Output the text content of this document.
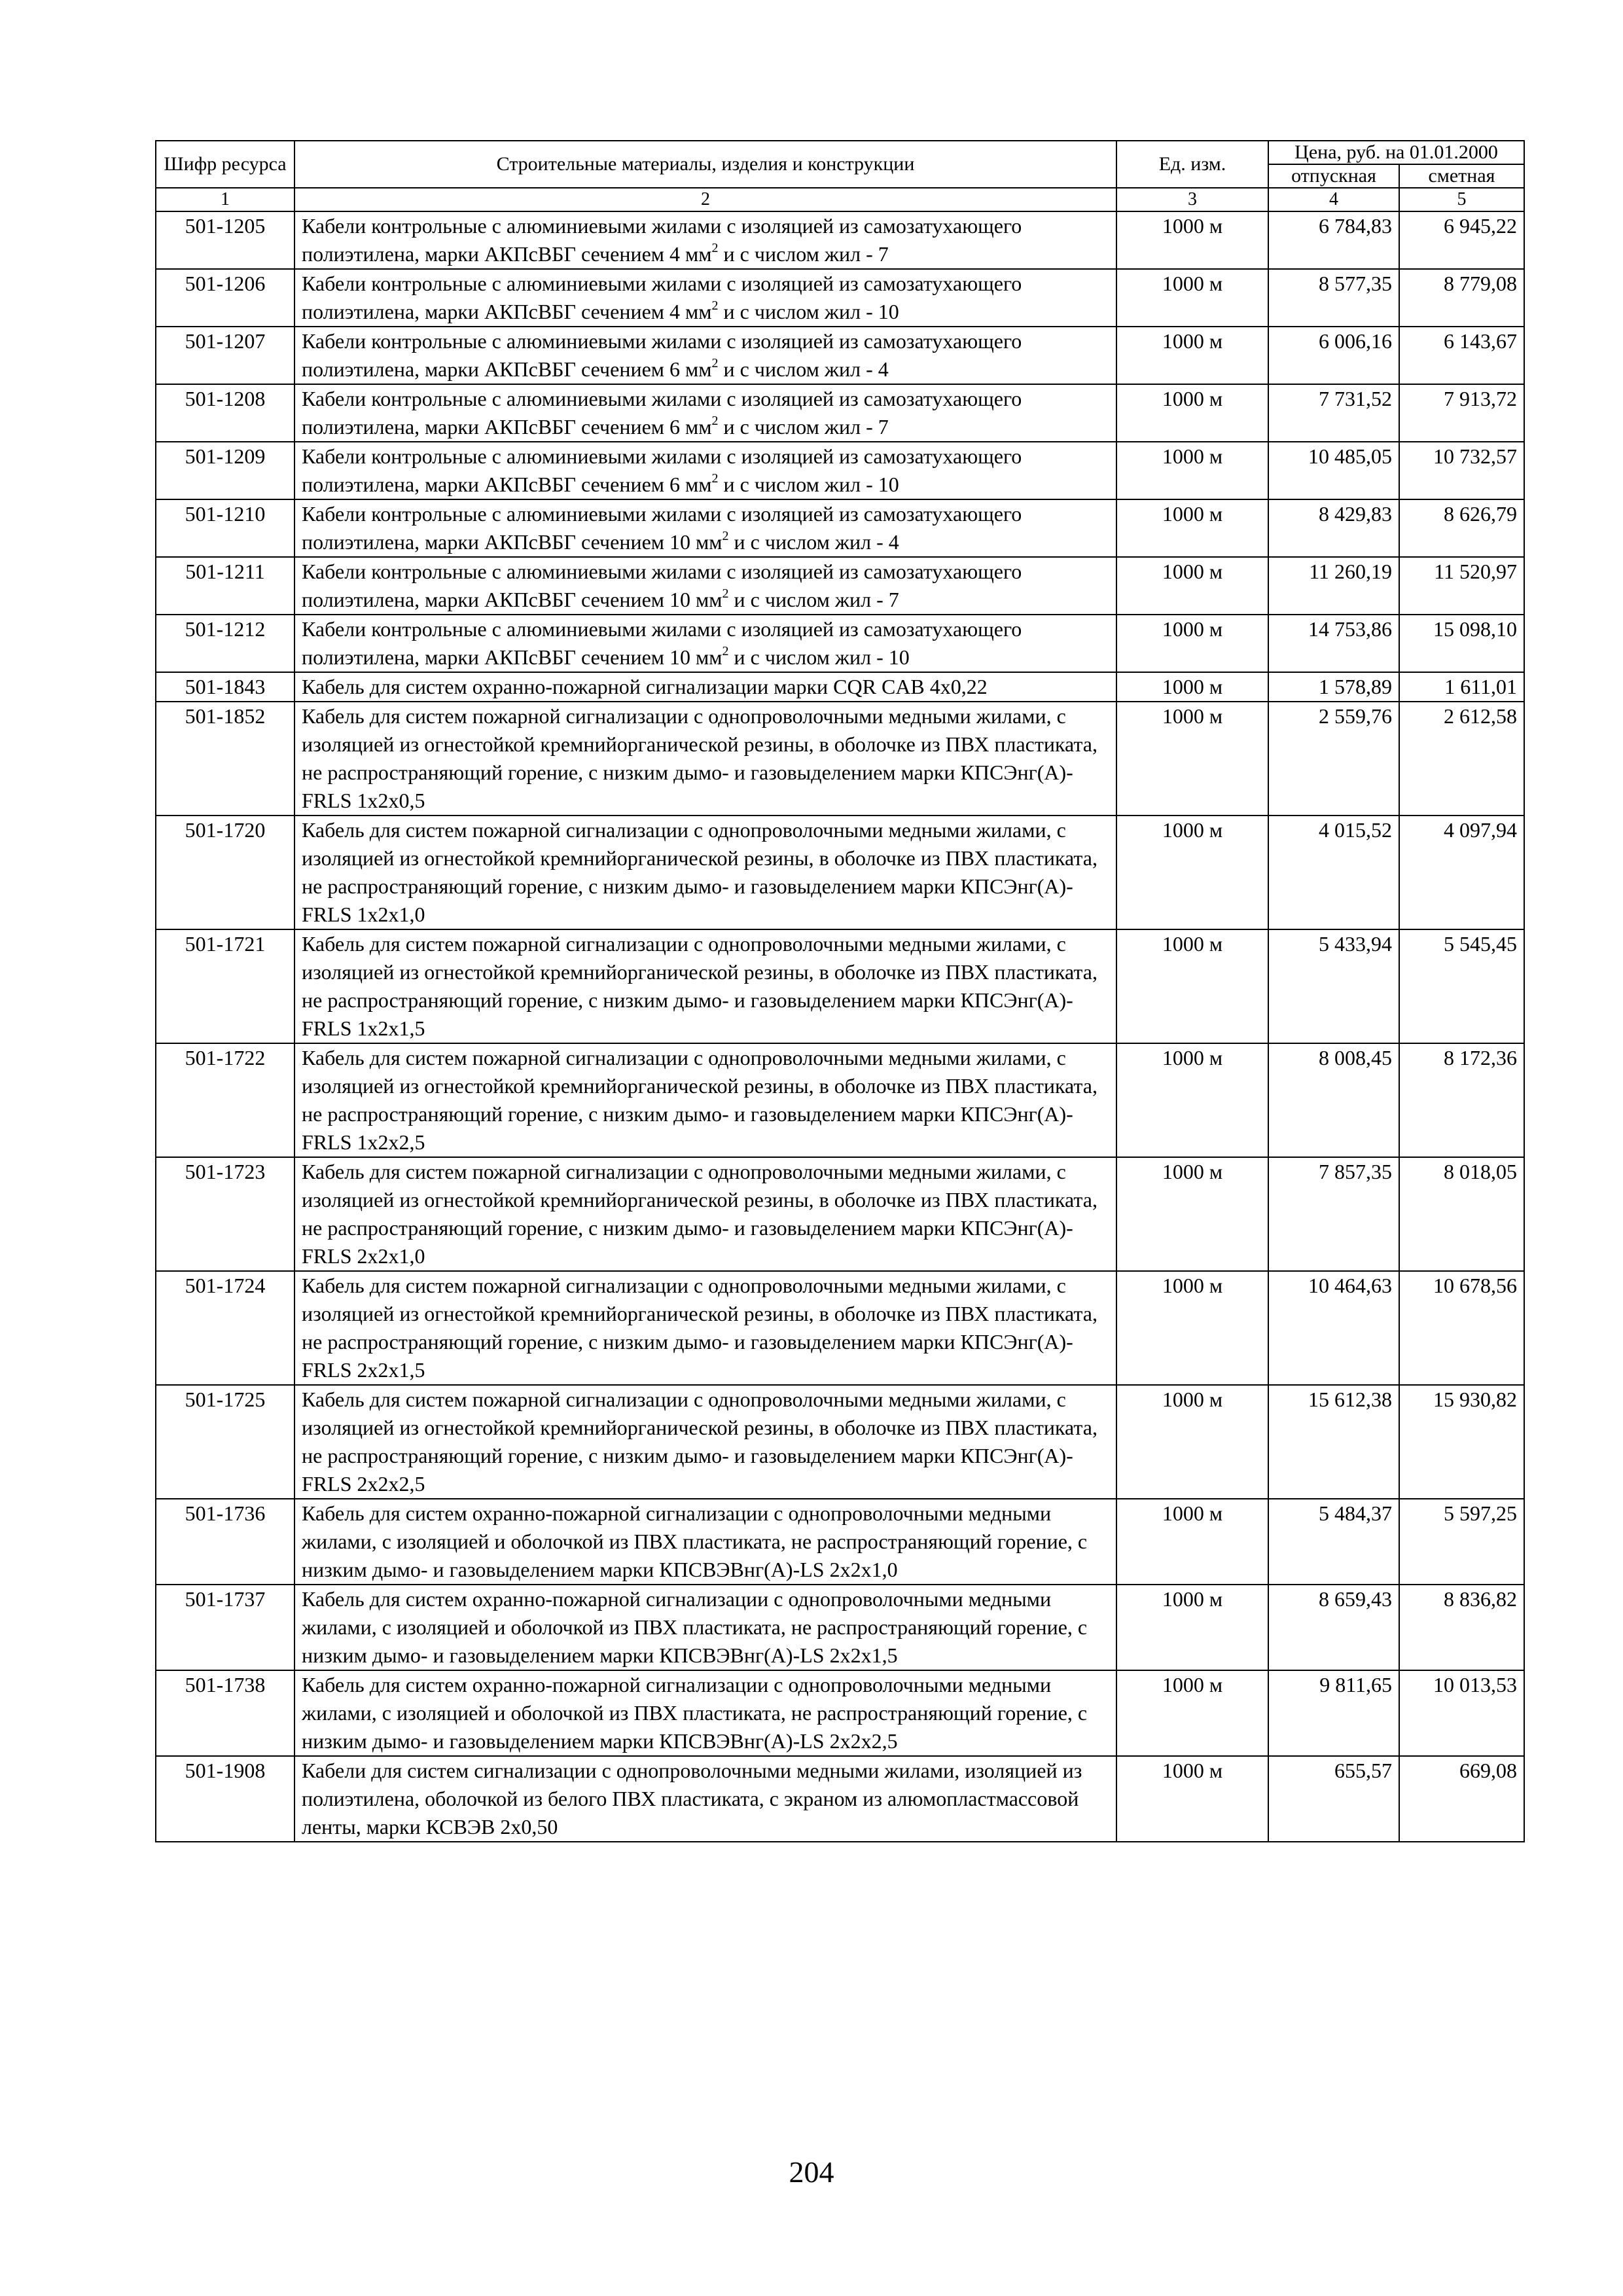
Шифр ресурса	Строительные материалы, изделия и конструкции	Ед. изм.	Цена, руб. на 01.01.2000	
			отпускная	сметная
1	2	3	4	5
501-1205	Кабели контрольные с алюминиевыми жилами с изоляцией из самозатухающего полиэтилена, марки АКПсВБГ сечением 4 $мм^2$ и с числом жил - 7	1000 м	6 784,83	6 945,22
501-1206	Кабели контрольные с алюминиевыми жилами с изоляцией из самозатухающего полиэтилена, марки АКПсВБГ сечением 4 $мм^2$ и с числом жил - 10	1000 м	8 577,35	8 779,08
501-1207	Кабели контрольные с алюминиевыми жилами с изоляцией из самозатухающего полиэтилена, марки АКПсВБГ сечением 6 $мм^2$ и с числом жил - 4	1000 м	6 006,16	6 143,67
501-1208	Кабели контрольные с алюминиевыми жилами с изоляцией из самозатухающего полиэтилена, марки АКПсВБГ сечением 6 $мм^2$ и с числом жил - 7	1000 м	7 731,52	7 913,72
501-1209	Кабели контрольные с алюминиевыми жилами с изоляцией из самозатухающего полиэтилена, марки АКПсВБГ сечением 6 $мм^2$ и с числом жил - 10	1000 м	10 485,05	10 732,57
501-1210	Кабели контрольные с алюминиевыми жилами с изоляцией из самозатухающего полиэтилена, марки АКПсВБГ сечением 10 $мм^2$ и с числом жил - 4	1000 м	8 429,83	8 626,79
501-1211	Кабели контрольные с алюминиевыми жилами с изоляцией из самозатухающего полиэтилена, марки АКПсВБГ сечением 10 $мм^2$ и с числом жил - 7	1000 м	11 260,19	11 520,97
501-1212	Кабели контрольные с алюминиевыми жилами с изоляцией из самозатухающего полиэтилена, марки АКПсВБГ сечением 10 $мм^2$ и с числом жил - 10	1000 м	14 753,86	15 098,10
501-1843	Кабель для систем охранно-пожарной сигнализации марки CQR CAB 4x0,22	1000 м	1 578,89	1 611,01
501-1852	Кабель для систем пожарной сигнализации с однопроволочными медными жилами, с изоляцией из огнестойкой кремнийорганической резины, в оболочке из ПВХ пластиката, не распространяющий горение, с низким дымо- и газовыделением марки КПСЭнг(А)-FRLS 1x2x0,5	1000 м	2 559,76	2 612,58
501-1720	Кабель для систем пожарной сигнализации с однопроволочными медными жилами, с изоляцией из огнестойкой кремнийорганической резины, в оболочке из ПВХ пластиката, не распространяющий горение, с низким дымо- и газовыделением марки КПСЭнг(А)-FRLS 1x2x1,0	1000 м	4 015,52	4 097,94
501-1721	Кабель для систем пожарной сигнализации с однопроволочными медными жилами, с изоляцией из огнестойкой кремнийорганической резины, в оболочке из ПВХ пластиката, не распространяющий горение, с низким дымо- и газовыделением марки КПСЭнг(А)-FRLS 1x2x1,5	1000 м	5 433,94	5 545,45
501-1722	Кабель для систем пожарной сигнализации с однопроволочными медными жилами, с изоляцией из огнестойкой кремнийорганической резины, в оболочке из ПВХ пластиката, не распространяющий горение, с низким дымо- и газовыделением марки КПСЭнг(А)-FRLS 1x2x2,5	1000 м	8 008,45	8 172,36
501-1723	Кабель для систем пожарной сигнализации с однопроволочными медными жилами, с изоляцией из огнестойкой кремнийорганической резины, в оболочке из ПВХ пластиката, не распространяющий горение, с низким дымо- и газовыделением марки КПСЭнг(А)-FRLS 2x2x1,0	1000 м	7 857,35	8 018,05
501-1724	Кабель для систем пожарной сигнализации с однопроволочными медными жилами, с изоляцией из огнестойкой кремнийорганической резины, в оболочке из ПВХ пластиката, не распространяющий горение, с низким дымо- и газовыделением марки КПСЭнг(А)-FRLS 2x2x1,5	1000 м	10 464,63	10 678,56
501-1725	Кабель для систем пожарной сигнализации с однопроволочными медными жилами, с изоляцией из огнестойкой кремнийорганической резины, в оболочке из ПВХ пластиката, не распространяющий горение, с низким дымо- и газовыделением марки КПСЭнг(А)-FRLS 2x2x2,5	1000 м	15 612,38	15 930,82
501-1736	Кабель для систем охранно-пожарной сигнализации с однопроволочными медными жилами, с изоляцией и оболочкой из ПВХ пластиката, не распространяющий горение, с низким дымо- и газовыделением марки КПСВЭВнг(А)-LS 2x2x1,0	1000 м	5 484,37	5 597,25
501-1737	Кабель для систем охранно-пожарной сигнализации с однопроволочными медными жилами, с изоляцией и оболочкой из ПВХ пластиката, не распространяющий горение, с низким дымо- и газовыделением марки КПСВЭВнг(А)-LS 2x2x1,5	1000 м	8 659,43	8 836,82
501-1738	Кабель для систем охранно-пожарной сигнализации с однопроволочными медными жилами, с изоляцией и оболочкой из ПВХ пластиката, не распространяющий горение, с низким дымо- и газовыделением марки КПСВЭВнг(А)-LS 2x2x2,5	1000 м	9 811,65	10 013,53
501-1908	Кабели для систем сигнализации с однопроволочными медными жилами, изоляцией из полиэтилена, оболочкой из белого ПВХ пластиката, с экраном из алюмопластмассовой ленты, марки КСВЭВ 2x0,50	1000 м	655,57	669,08
204
